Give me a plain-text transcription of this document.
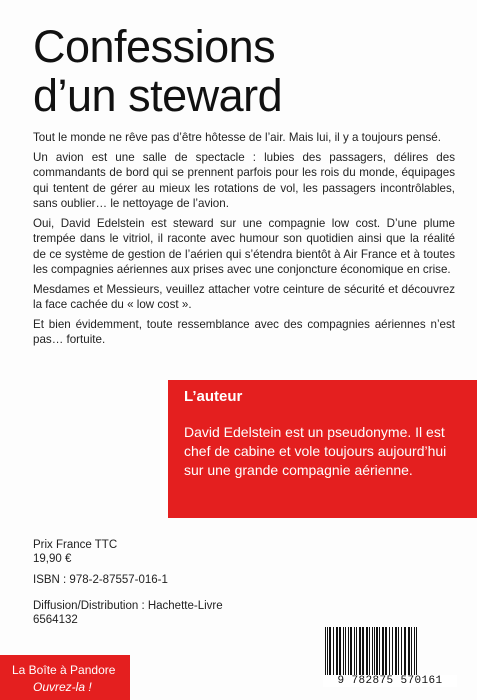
Confessions
d’un steward

Tout le monde ne rêve pas d’être hôtesse de l’air. Mais lui, il y a toujours pensé.

Un avion est une salle de spectacle : lubies des passagers, délires des commandants de bord qui se prennent parfois pour les rois du monde, équipages qui tentent de gérer au mieux les rotations de vol, les passagers incontrôlables, sans oublier… le nettoyage de l’avion.

Oui, David Edelstein est steward sur une compagnie low cost. D’une plume trempée dans le vitriol, il raconte avec humour son quotidien ainsi que la réalité de ce système de gestion de l’aérien qui s’étendra bientôt à Air France et à toutes les compagnies aériennes aux prises avec une conjoncture économique en crise.

Mesdames et Messieurs, veuillez attacher votre ceinture de sécurité et découvrez la face cachée du « low cost ».

Et bien évidemment, toute ressemblance avec des compagnies aériennes n’est pas… fortuite.

L’auteur

David Edelstein est un pseudonyme. Il est chef de cabine et vole toujours aujourd’hui sur une grande compagnie aérienne.

Prix France TTC
19,90 €
ISBN : 978-2-87557-016-1
Diffusion/Distribution : Hachette-Livre
6564132
9 782875 570161
La Boîte à Pandore
Ouvrez-la !
